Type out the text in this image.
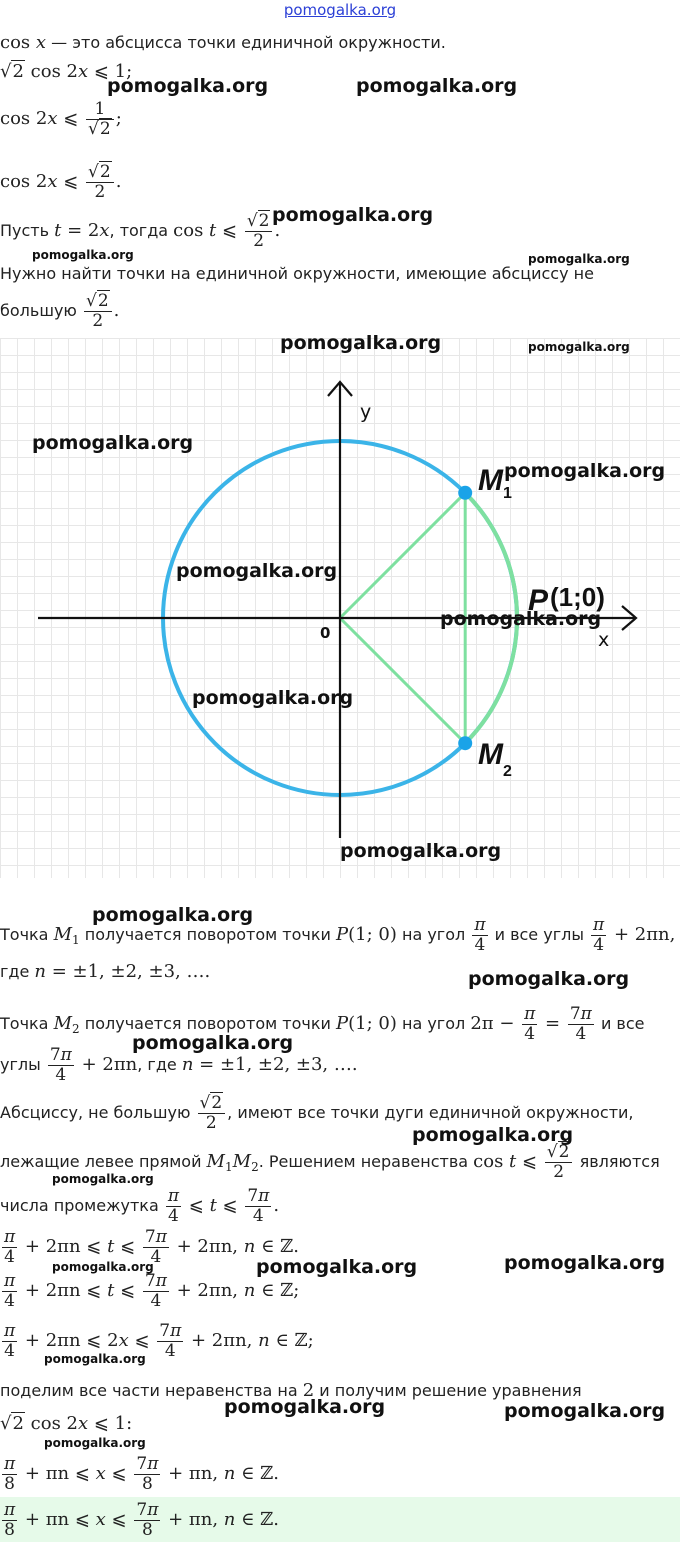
pomogalka.org
cos x — это абсцисса точки единичной окружности.
√2 cos 2x ⩽ 1;
cos 2x ⩽ $\frac{1}{√2}$ ;
cos 2x ⩽ $\frac{√2}{2}$ .
Пусть t = 2x, тогда cos t ⩽ $\frac{√2}{2}$ .
Нужно найти точки на единичной окружности, имеющие абсциссу не
большую $\frac{√2}{2}$ .
y
x
0
M 1
M
2
P (1;0)
Точка $M_1$ получается поворотом точки P(1; 0) на угол $\frac{\pi}{4}$ и все углы $\frac{\pi}{4} + 2\pi n$,
где n = ±1, ±2, ±3, ….
Точка $M_2$ получается поворотом точки P(1; 0) на угол $2\pi - \frac{\pi}{4} = \frac{7\pi}{4}$ и все
углы $\frac{7\pi}{4} + 2\pi n$, где n = ±1, ±2, ±3, ….
Абсциссу, не большую $\frac{√2}{2}$ , имеют все точки дуги единичной окружности,
лежащие левее прямой $M_1M_2$. Решением неравенства cos t ⩽ $\frac{√2}{2}$ являются
числа промежутка $\frac{\pi}{4}$ ⩽ t ⩽ $\frac{7\pi}{4}$ .
$\frac{\pi}{4} + 2\pi n$ ⩽ t ⩽ $\frac{7\pi}{4} + 2\pi n$, n ∈ ℤ.
$\frac{\pi}{4} + 2\pi n$ ⩽ t ⩽ $\frac{7\pi}{4} + 2\pi n$, n ∈ ℤ;
$\frac{\pi}{4} + 2\pi n$ ⩽ 2x ⩽ $\frac{7\pi}{4} + 2\pi n$, n ∈ ℤ;
поделим все части неравенства на 2 и получим решение уравнения
√2 cos 2x ⩽ 1:
$\frac{\pi}{8} + \pi n$ ⩽ x ⩽ $\frac{7\pi}{8} + \pi n$, n ∈ ℤ.
$\frac{\pi}{8} + \pi n$ ⩽ x ⩽ $\frac{7\pi}{8} + \pi n$, n ∈ ℤ.
pomogalka.org	pomogalka.org
pomogalka.org
pomogalka.org	pomogalka.org
pomogalka.org	pomogalka.org
pomogalka.org
pomogalka.org
pomogalka.org
pomogalka.org
pomogalka.org
pomogalka.org
pomogalka.org
pomogalka.org
pomogalka.org
pomogalka.org
pomogalka.org
pomogalka.org	pomogalka.org	pomogalka.org
pomogalka.org
pomogalka.org	pomogalka.org
pomogalka.org
